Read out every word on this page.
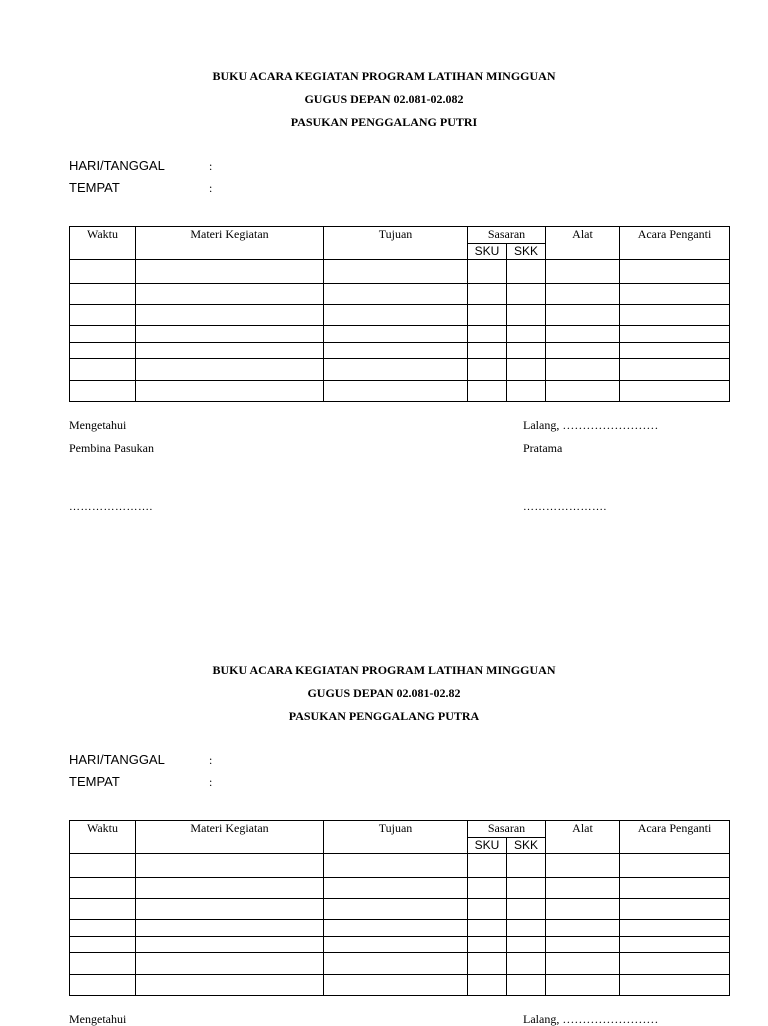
BUKU ACARA KEGIATAN PROGRAM LATIHAN MINGGUAN
GUGUS DEPAN 02.081-02.082
PASUKAN PENGGALANG PUTRI
HARI/TANGGAL	:
TEMPAT	:
Waktu	Materi Kegiatan	Tujuan	Sasaran		Alat	Acara Penganti
			SKU	SKK		

Mengetahui
Pembina Pasukan
………………….
Lalang, ……………………
Pratama
………………….
BUKU ACARA KEGIATAN PROGRAM LATIHAN MINGGUAN
GUGUS DEPAN 02.081-02.82
PASUKAN PENGGALANG PUTRA
HARI/TANGGAL	:
TEMPAT	:
Waktu	Materi Kegiatan	Tujuan	Sasaran		Alat	Acara Penganti
			SKU	SKK		

Mengetahui	Lalang, ……………………
